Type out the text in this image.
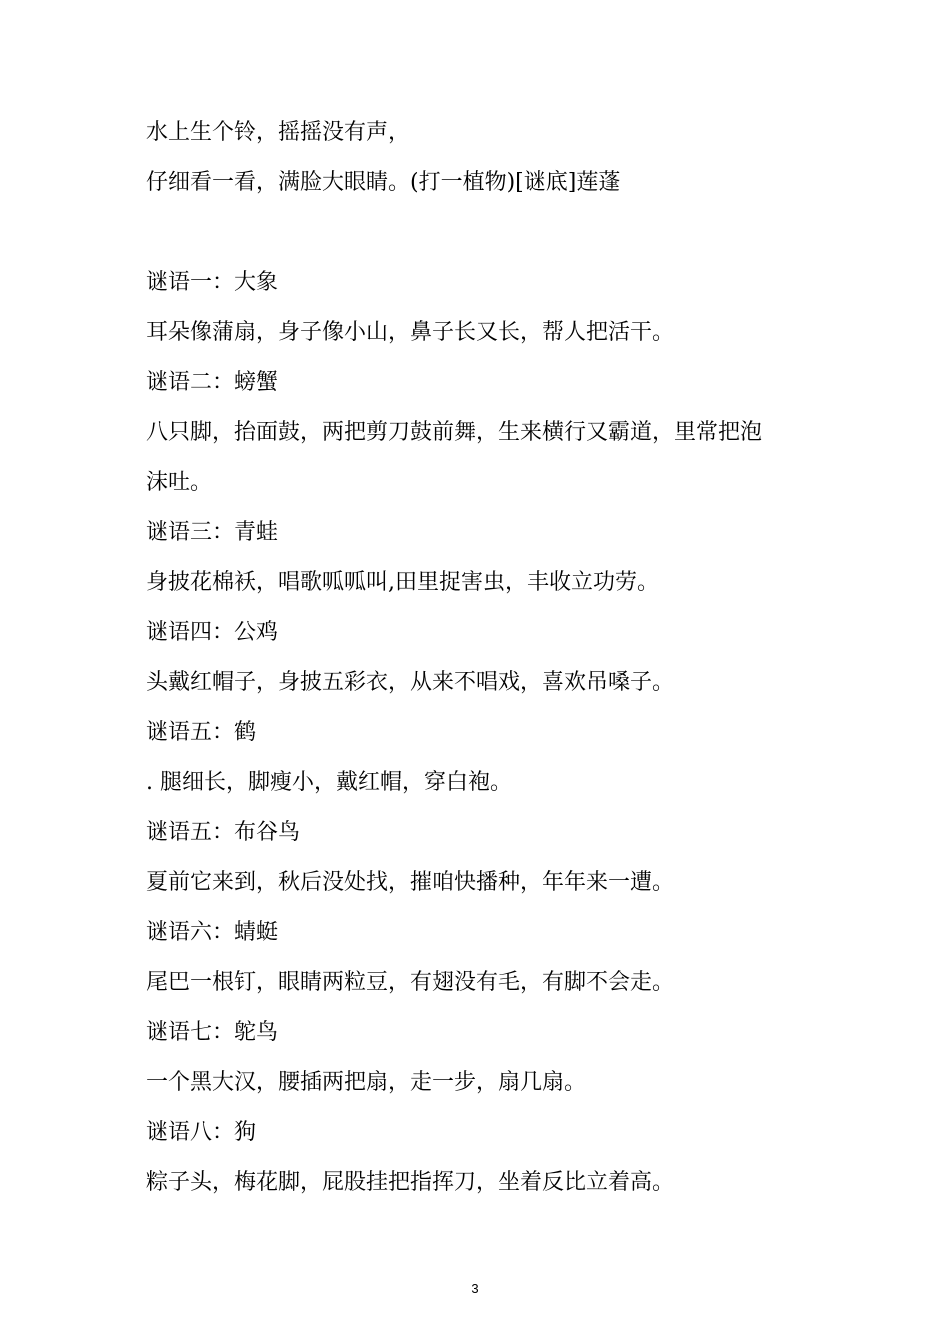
水上生个铃，摇摇没有声，
仔细看一看，满脸大眼睛。(打一植物)[谜底]莲蓬
谜语一：大象
耳朵像蒲扇，身子像小山，鼻子长又长，帮人把活干。
谜语二：螃蟹
八只脚，抬面鼓，两把剪刀鼓前舞，生来横行又霸道，里常把泡
沫吐。
谜语三：青蛙
身披花棉袄，唱歌呱呱叫,田里捉害虫，丰收立功劳。
谜语四：公鸡
头戴红帽子，身披五彩衣，从来不唱戏，喜欢吊嗓子。
谜语五：鹤
. 腿细长，脚瘦小，戴红帽，穿白袍。
谜语五：布谷鸟
夏前它来到，秋后没处找，摧咱快播种，年年来一遭。
谜语六：蜻蜓
尾巴一根钉，眼睛两粒豆，有翅没有毛，有脚不会走。
谜语七：鸵鸟
一个黑大汉，腰插两把扇，走一步，扇几扇。
谜语八：狗
粽子头，梅花脚，屁股挂把指挥刀，坐着反比立着高。
3
